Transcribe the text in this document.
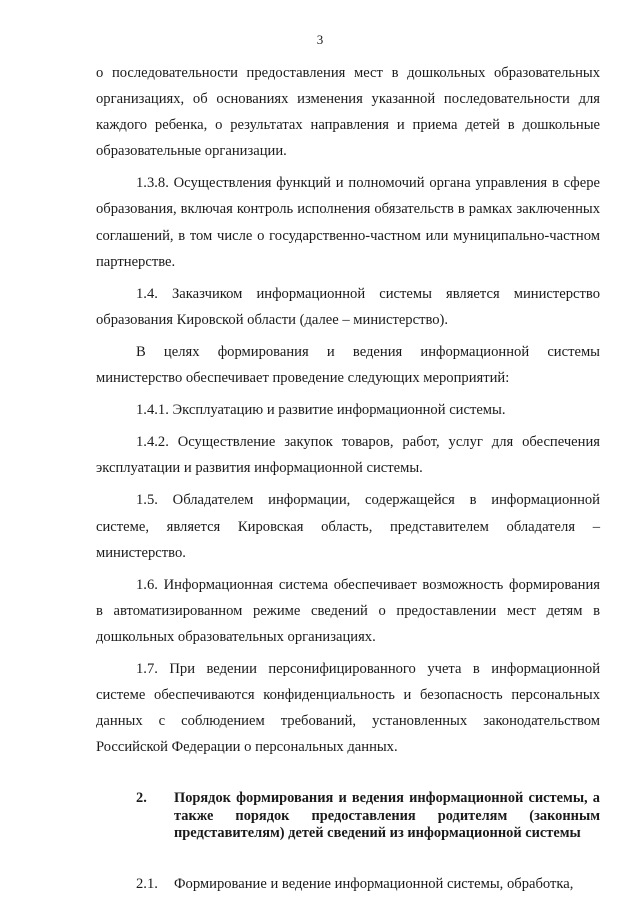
3

о последовательности предоставления мест в дошкольных образовательных организациях, об основаниях изменения указанной последовательности для каждого ребенка, о результатах направления и приема детей в дошкольные образовательные организации.

1.3.8. Осуществления функций и полномочий органа управления в сфере образования, включая контроль исполнения обязательств в рамках заключенных соглашений, в том числе о государственно-частном или муниципально-частном партнерстве.

1.4. Заказчиком информационной системы является министерство образования Кировской области (далее – министерство).

В целях формирования и ведения информационной системы министерство обеспечивает проведение следующих мероприятий:

1.4.1. Эксплуатацию и развитие информационной системы.

1.4.2. Осуществление закупок товаров, работ, услуг для обеспечения эксплуатации и развития информационной системы.

1.5. Обладателем информации, содержащейся в информационной системе, является Кировская область, представителем обладателя – министерство.

1.6. Информационная система обеспечивает возможность формирования в автоматизированном режиме сведений о предоставлении мест детям в дошкольных образовательных организациях.

1.7. При ведении персонифицированного учета в информационной системе обеспечиваются конфиденциальность и безопасность персональных данных с соблюдением требований, установленных законодательством Российской Федерации о персональных данных.

2.	Порядок формирования и ведения информационной системы, а также порядок предоставления родителям (законным представителям) детей сведений из информационной системы
2.1.	Формирование и ведение информационной системы, обработка,
